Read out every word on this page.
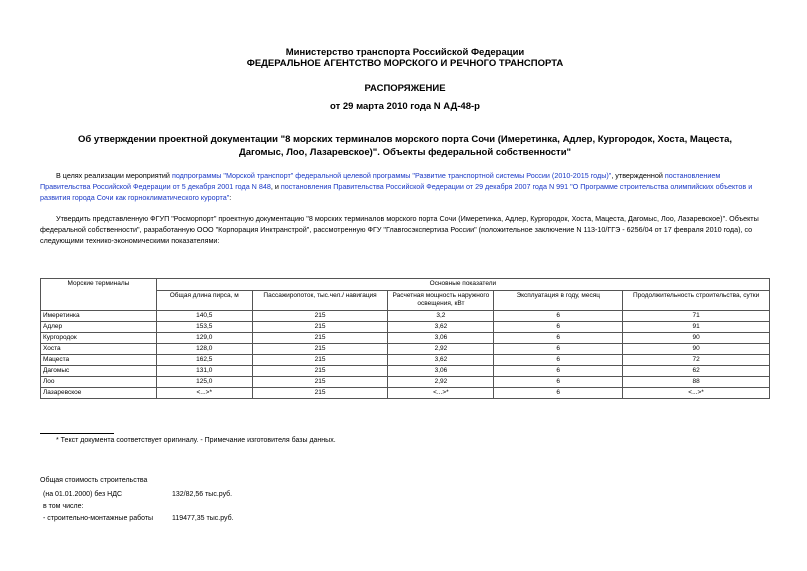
Министерство транспорта Российской Федерации
ФЕДЕРАЛЬНОЕ АГЕНТСТВО МОРСКОГО И РЕЧНОГО ТРАНСПОРТА
РАСПОРЯЖЕНИЕ
от 29 марта 2010 года N АД-48-р
Об утверждении проектной документации "8 морских терминалов морского порта Сочи (Имеретинка, Адлер, Кургородок, Хоста, Мацеста, Дагомыс, Лоо, Лазаревское)". Объекты федеральной собственности"
В целях реализации мероприятий подпрограммы "Морской транспорт" федеральной целевой программы "Развитие транспортной системы России (2010-2015 годы)", утвержденной постановлением
Правительства Российской Федерации от 5 декабря 2001 года N 848, и постановления Правительства Российской Федерации от 29 декабря 2007 года N 991 "О Программе строительства олимпийских объектов и
развития города Сочи как горноклиматического курорта":
Утвердить представленную ФГУП "Росморпорт" проектную документацию "8 морских терминалов морского порта Сочи (Имеретинка, Адлер, Кургородок, Хоста, Мацеста, Дагомыс, Лоо, Лазаревское)". Объекты
федеральной собственности", разработанную ООО "Корпорация Инктранстрой", рассмотренную ФГУ "Главгосэкспертиза России" (положительное заключение N 113-10/ГГЭ - 6256/04 от 17 февраля 2010 года), со
следующими технико-экономическими показателями:
Морские терминалы	Основные показатели				
	Общая длина пирса, м	Пассажиропоток, тыс.чел./ навигация	Расчетная мощность наружного освещения, кВт	Эксплуатация в году, месяц	Продолжительность строительства, сутки
Имеретинка	140,5	215	3,2	6	71
Адлер	153,5	215	3,62	6	91
Кургородок	129,0	215	3,06	6	90
Хоста	128,0	215	2,92	6	90
Мацеста	162,5	215	3,62	6	72
Дагомыс	131,0	215	3,06	6	62
Лоо	125,0	215	2,92	6	88
Лазаревское	<...>*	215	<...>*	6	<...>*
* Текст документа соответствует оригиналу. - Примечание изготовителя базы данных.
Общая стоимость строительства
(на 01.01.2000) без НДС	132/82,56 тыс.руб.
в том числе:
- строительно-монтажные работы	119477,35 тыс.руб.
